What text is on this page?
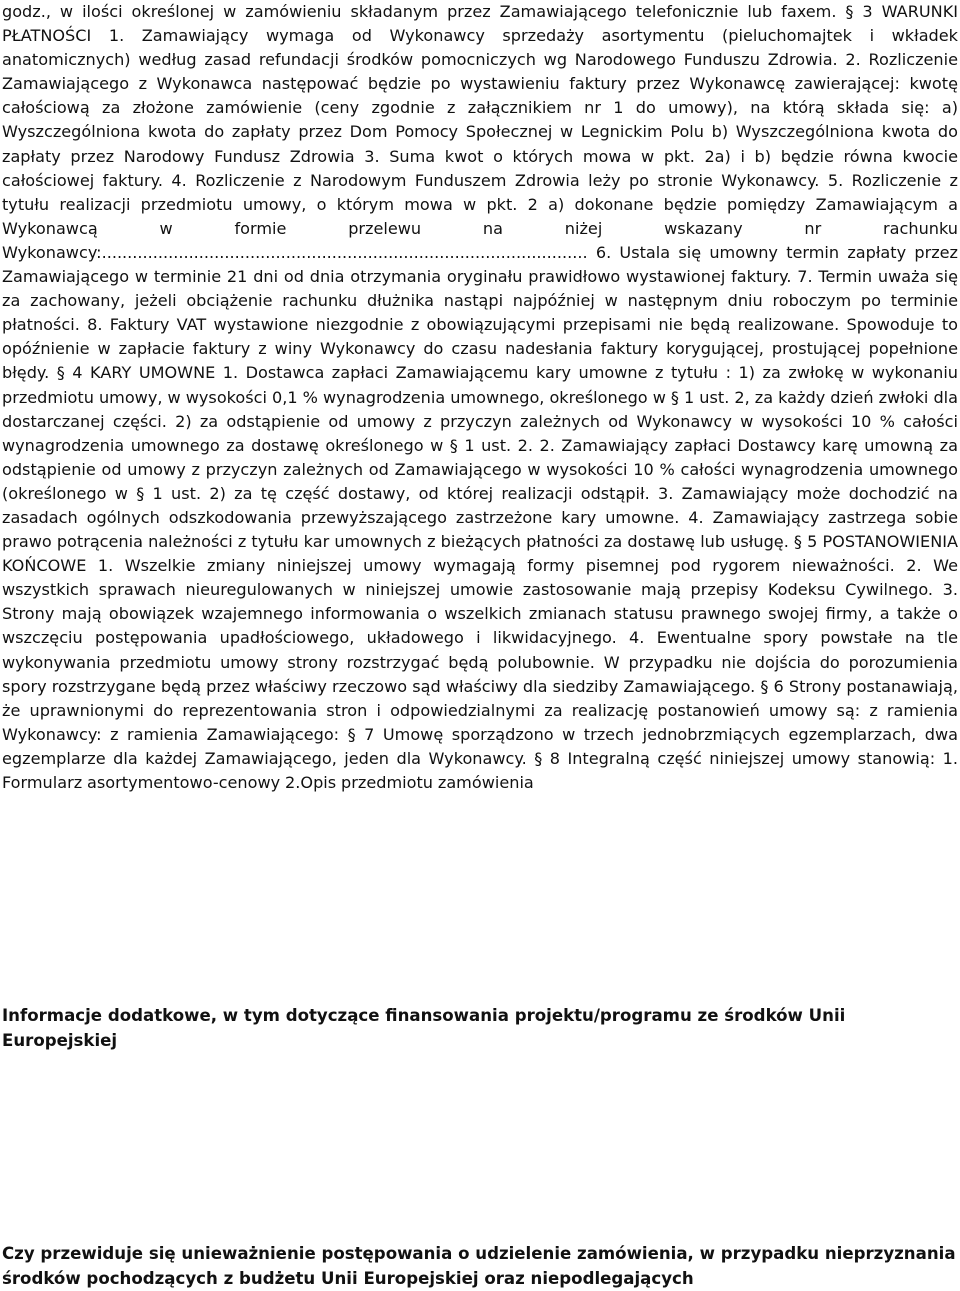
godz., w ilości określonej w zamówieniu składanym przez Zamawiającego telefonicznie lub faxem. § 3 WARUNKI PŁATNOŚCI 1. Zamawiający wymaga od Wykonawcy sprzedaży asortymentu (pieluchomajtek i wkładek anatomicznych) według zasad refundacji środków pomocniczych wg Narodowego Funduszu Zdrowia. 2. Rozliczenie Zamawiającego z Wykonawca następować będzie po wystawieniu faktury przez Wykonawcę zawierającej: kwotę całościową za złożone zamówienie (ceny zgodnie z załącznikiem nr 1 do umowy), na którą składa się: a) Wyszczególniona kwota do zapłaty przez Dom Pomocy Społecznej w Legnickim Polu b) Wyszczególniona kwota do zapłaty przez Narodowy Fundusz Zdrowia 3. Suma kwot o których mowa w pkt. 2a) i b) będzie równa kwocie całościowej faktury. 4. Rozliczenie z Narodowym Funduszem Zdrowia leży po stronie Wykonawcy. 5. Rozliczenie z tytułu realizacji przedmiotu umowy, o którym mowa w pkt. 2 a) dokonane będzie pomiędzy Zamawiającym a Wykonawcą w formie przelewu na niżej wskazany nr rachunku Wykonawcy:............................................................................................... 6. Ustala się umowny termin zapłaty przez Zamawiającego w terminie 21 dni od dnia otrzymania oryginału prawidłowo wystawionej faktury. 7. Termin uważa się za zachowany, jeżeli obciążenie rachunku dłużnika nastąpi najpóźniej w następnym dniu roboczym po terminie płatności. 8. Faktury VAT wystawione niezgodnie z obowiązującymi przepisami nie będą realizowane. Spowoduje to opóźnienie w zapłacie faktury z winy Wykonawcy do czasu nadesłania faktury korygującej, prostującej popełnione błędy. § 4 KARY UMOWNE 1. Dostawca zapłaci Zamawiającemu kary umowne z tytułu : 1) za zwłokę w wykonaniu przedmiotu umowy, w wysokości 0,1 % wynagrodzenia umownego, określonego w § 1 ust. 2, za każdy dzień zwłoki dla dostarczanej części. 2) za odstąpienie od umowy z przyczyn zależnych od Wykonawcy w wysokości 10 % całości wynagrodzenia umownego za dostawę określonego w § 1 ust. 2. 2. Zamawiający zapłaci Dostawcy karę umowną za odstąpienie od umowy z przyczyn zależnych od Zamawiającego w wysokości 10 % całości wynagrodzenia umownego (określonego w § 1 ust. 2) za tę część dostawy, od której realizacji odstąpił. 3. Zamawiający może dochodzić na zasadach ogólnych odszkodowania przewyższającego zastrzeżone kary umowne. 4. Zamawiający zastrzega sobie prawo potrącenia należności z tytułu kar umownych z bieżących płatności za dostawę lub usługę. § 5 POSTANOWIENIA KOŃCOWE 1. Wszelkie zmiany niniejszej umowy wymagają formy pisemnej pod rygorem nieważności. 2. We wszystkich sprawach nieuregulowanych w niniejszej umowie zastosowanie mają przepisy Kodeksu Cywilnego. 3. Strony mają obowiązek wzajemnego informowania o wszelkich zmianach statusu prawnego swojej firmy, a także o wszczęciu postępowania upadłościowego, układowego i likwidacyjnego. 4. Ewentualne spory powstałe na tle wykonywania przedmiotu umowy strony rozstrzygać będą polubownie. W przypadku nie dojścia do porozumienia spory rozstrzygane będą przez właściwy rzeczowo sąd właściwy dla siedziby Zamawiającego. § 6 Strony postanawiają, że uprawnionymi do reprezentowania stron i odpowiedzialnymi za realizację postanowień umowy są: z ramienia Wykonawcy: z ramienia Zamawiającego: § 7 Umowę sporządzono w trzech jednobrzmiących egzemplarzach, dwa egzemplarze dla każdej Zamawiającego, jeden dla Wykonawcy. § 8 Integralną część niniejszej umowy stanowią: 1. Formularz asortymentowo-cenowy 2.Opis przedmiotu zamówienia

Informacje dodatkowe, w tym dotyczące finansowania projektu/programu ze środków Unii Europejskiej
Czy przewiduje się unieważnienie postępowania o udzielenie zamówienia, w przypadku nieprzyznania środków pochodzących z budżetu Unii Europejskiej oraz niepodlegających
